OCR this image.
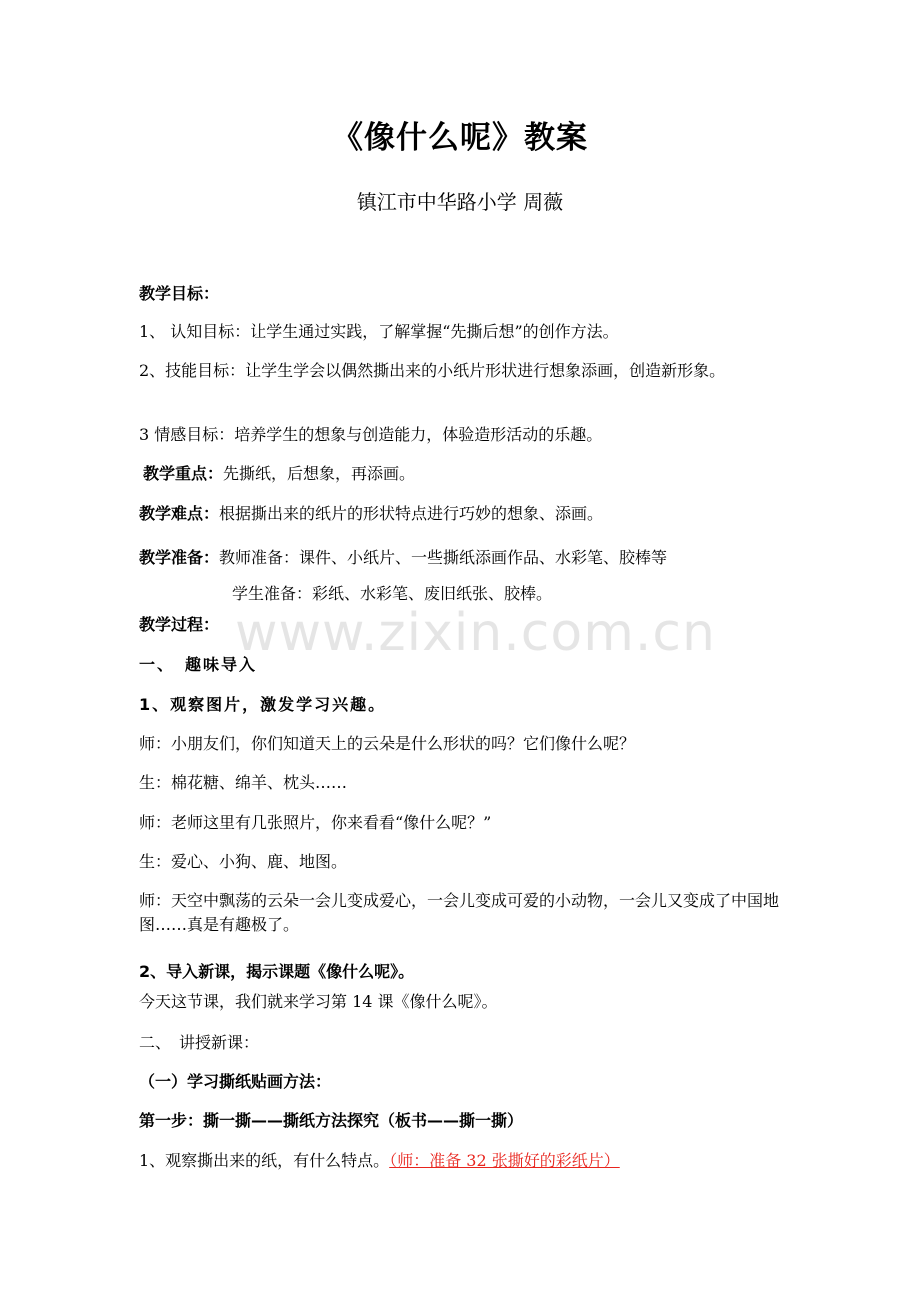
www.zixin.com.cn
《像什么呢》教案
镇江市中华路小学 周薇
教学目标：
1、 认知目标：让学生通过实践，了解掌握“先撕后想”的创作方法。
2、技能目标：让学生学会以偶然撕出来的小纸片形状进行想象添画，创造新形象。
3 情感目标：培养学生的想象与创造能力，体验造形活动的乐趣。
教学重点：先撕纸，后想象，再添画。
教学难点：根据撕出来的纸片的形状特点进行巧妙的想象、添画。
教学准备：教师准备：课件、小纸片、一些撕纸添画作品、水彩笔、胶棒等
学生准备：彩纸、水彩笔、废旧纸张、胶棒。
教学过程：
一、　趣味导入
1、观察图片，激发学习兴趣。
师：小朋友们，你们知道天上的云朵是什么形状的吗？它们像什么呢？
生：棉花糖、绵羊、枕头……
师：老师这里有几张照片，你来看看“像什么呢？”
生：爱心、小狗、鹿、地图。
师：天空中飘荡的云朵一会儿变成爱心，一会儿变成可爱的小动物，一会儿又变成了中国地图……真是有趣极了。
2、导入新课，揭示课题《像什么呢》。
今天这节课，我们就来学习第 14 课《像什么呢》。
二、　讲授新课：
（一）学习撕纸贴画方法：
第一步：撕一撕——撕纸方法探究（板书——撕一撕）
1、观察撕出来的纸，有什么特点。（师：准备 32 张撕好的彩纸片）
